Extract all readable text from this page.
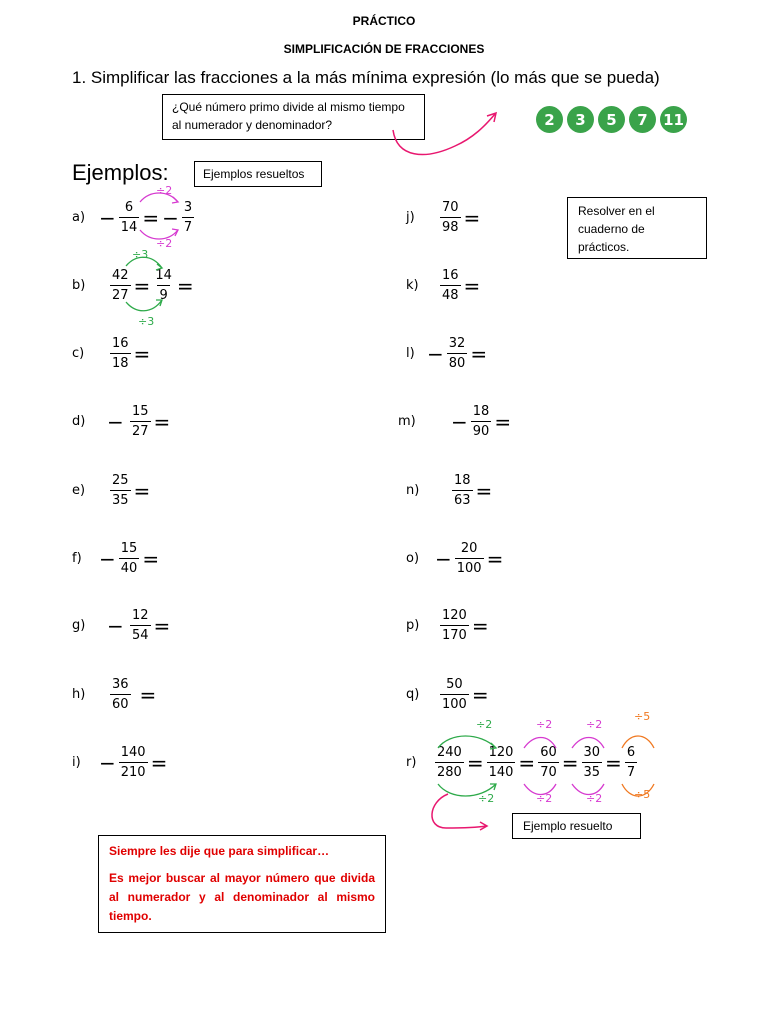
PRÁCTICO
SIMPLIFICACIÓN DE FRACCIONES
1. Simplificar las fracciones a la más mínima expresión (lo más que se pueda)
¿Qué número primo divide al mismo tiempo al numerador y denominador?	2	3	5	7	11
Ejemplos:	Ejemplos resueltos
Resolver en el cuaderno de prácticos.
$a) - \frac{6}{14}$ = − $\frac{3}{7}$
÷2
÷2
b)	$\frac{42}{27} = \frac{14}{9}$ =
÷3
÷3
c)	$\frac{16}{18}$ =
d)	− $\frac{15}{27}$ =
e)	$\frac{25}{35}$ =
$f) - \frac{15}{40}$ =
g)	− $\frac{12}{54}$ =
h)	$\frac{36}{60}$ =
$i) - \frac{140}{210}$ =
j)	$\frac{70}{98}$ =
k)	$\frac{16}{48}$ =
$l) - \frac{32}{80}$ =
m)	− $\frac{18}{90}$ =
n)	$\frac{18}{63}$ =
$o) - \frac{20}{100}$ =
p)	$\frac{120}{170}$ =
q)	$\frac{50}{100}$ =
r)	$\frac{240}{280} = \frac{120}{140} = \frac{60}{70} = \frac{30}{35} = \frac{6}{7}$
÷2
÷2
÷2
÷2
÷2
÷2
÷5
÷5
Ejemplo resuelto
Siempre les dije que para simplificar…
Es mejor buscar al mayor número que divida al numerador y al denominador al mismo tiempo.
